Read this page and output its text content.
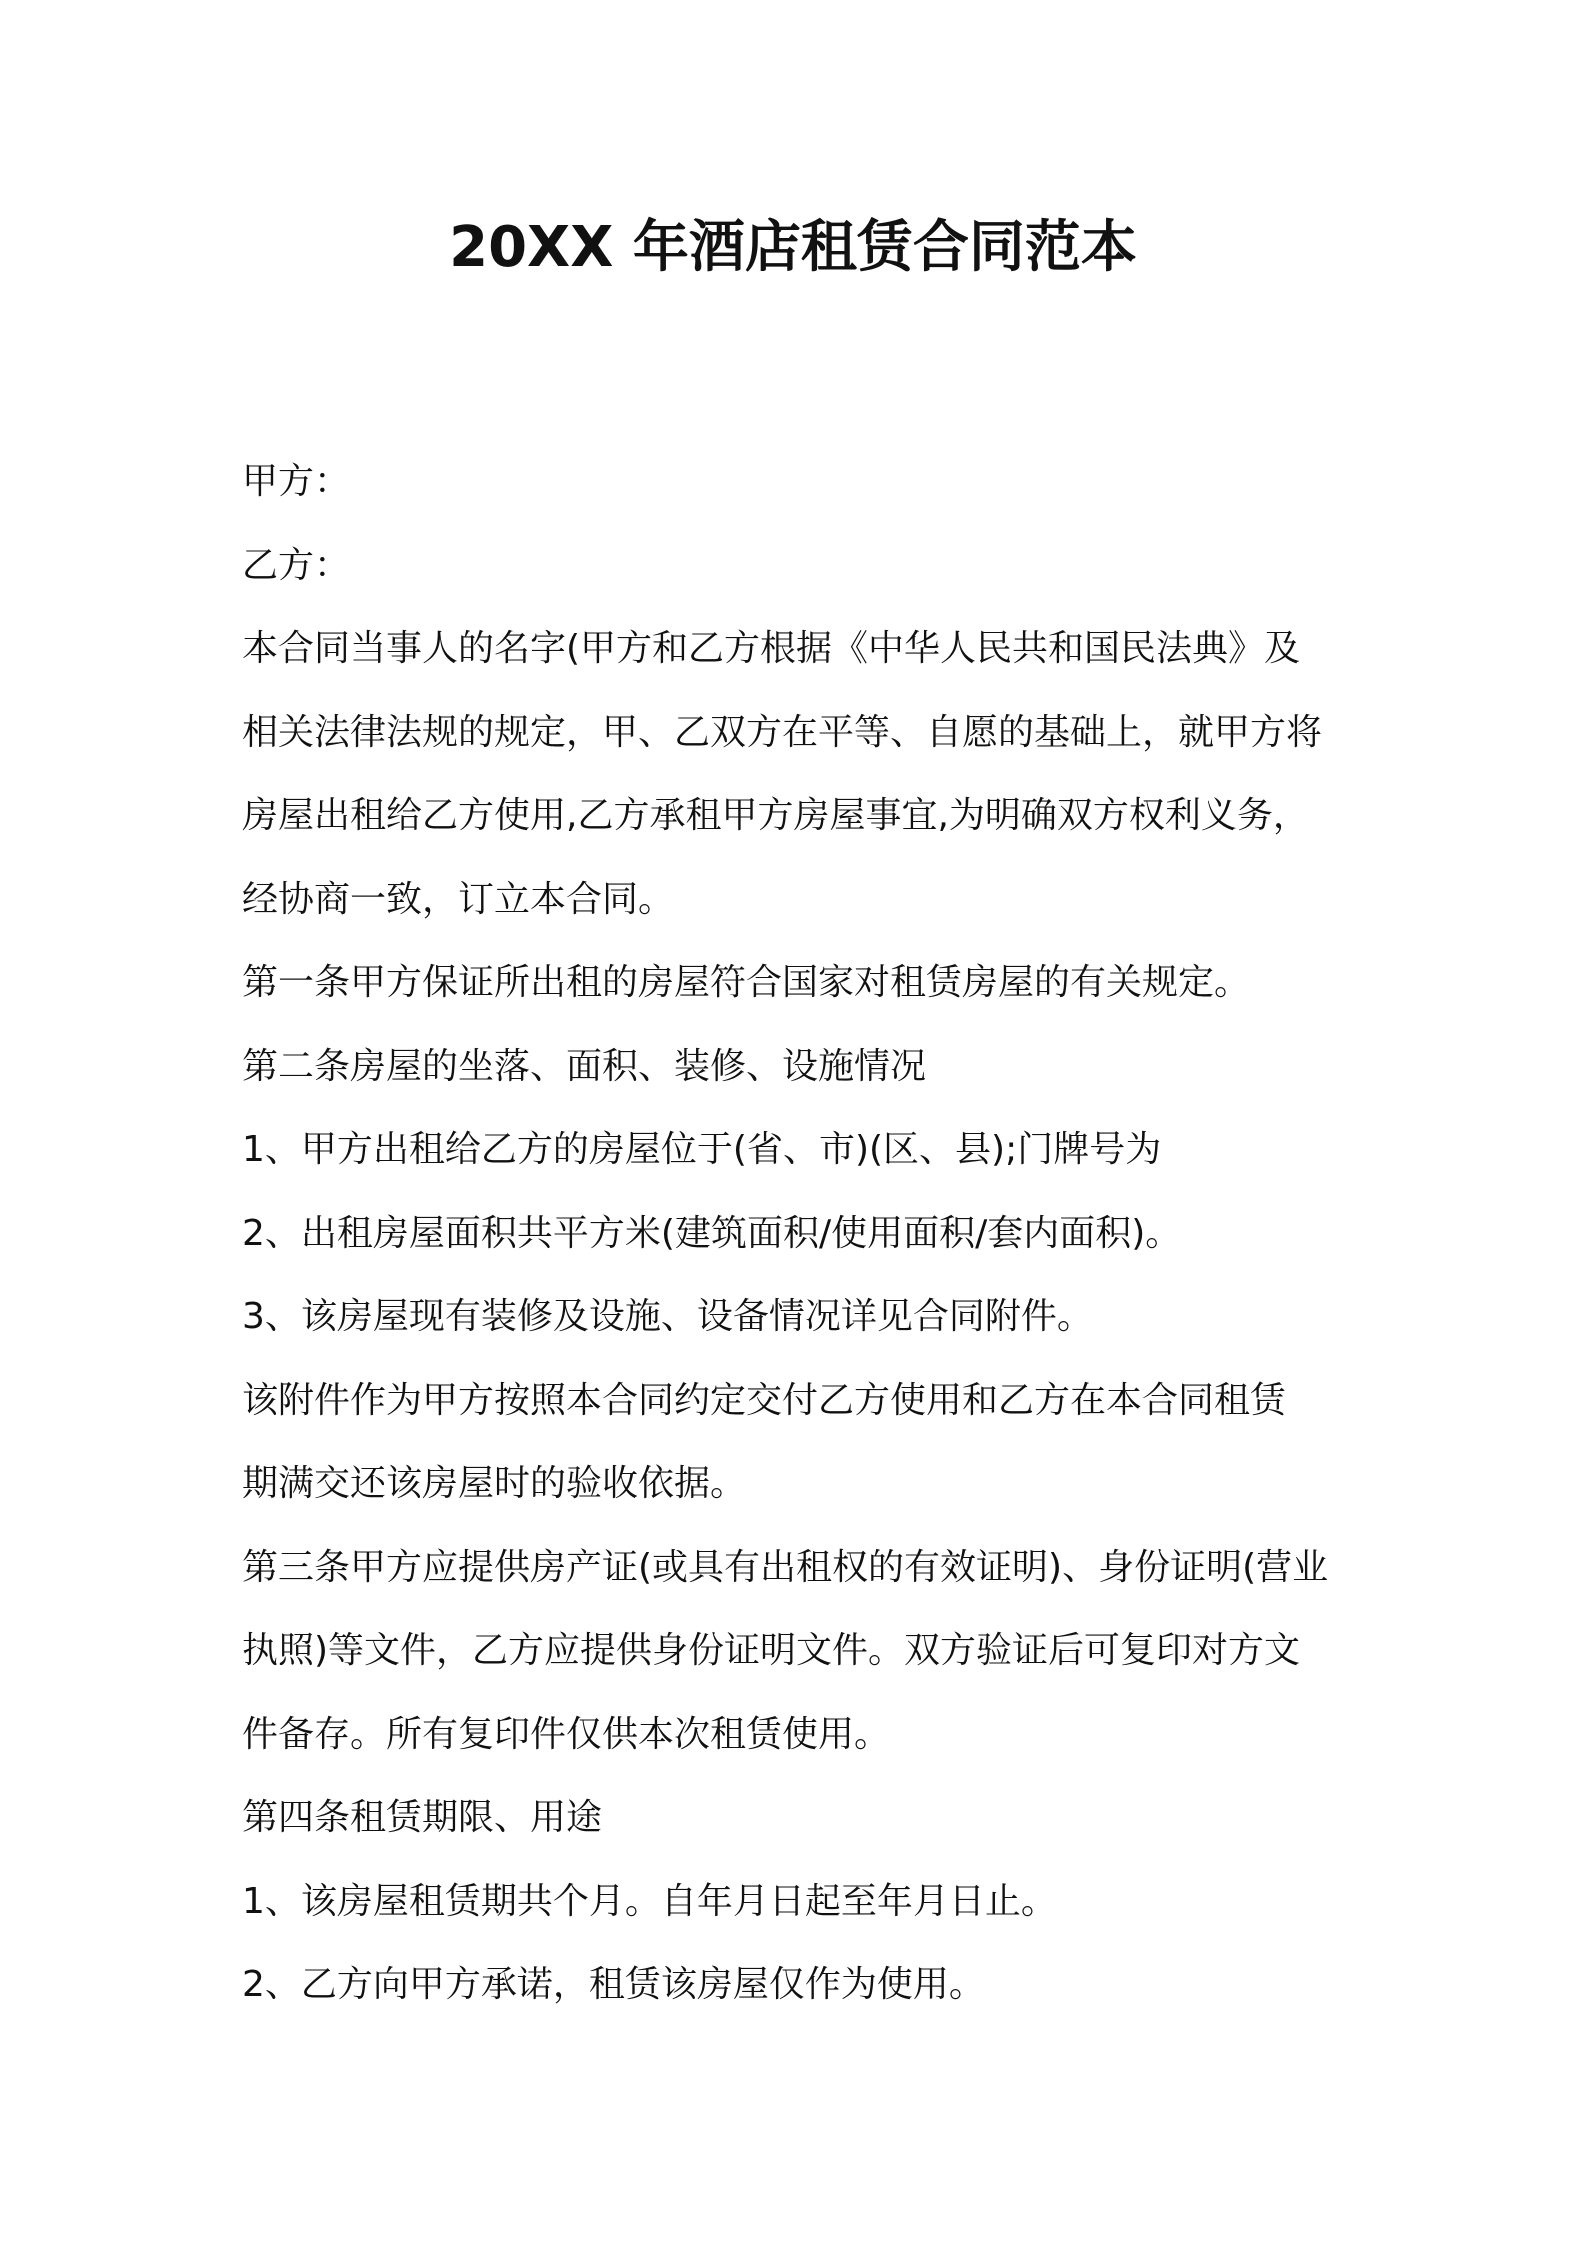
20XX 年酒店租赁合同范本

甲方：

乙方：

本合同当事人的名字(甲方和乙方根据《中华人民共和国民法典》及

相关法律法规的规定，甲、乙双方在平等、自愿的基础上，就甲方将

房屋出租给乙方使用,乙方承租甲方房屋事宜,为明确双方权利义务，

经协商一致，订立本合同。

第一条甲方保证所出租的房屋符合国家对租赁房屋的有关规定。

第二条房屋的坐落、面积、装修、设施情况

1、甲方出租给乙方的房屋位于(省、市)(区、县);门牌号为

2、出租房屋面积共平方米(建筑面积/使用面积/套内面积)。

3、该房屋现有装修及设施、设备情况详见合同附件。

该附件作为甲方按照本合同约定交付乙方使用和乙方在本合同租赁

期满交还该房屋时的验收依据。

第三条甲方应提供房产证(或具有出租权的有效证明)、身份证明(营业

执照)等文件，乙方应提供身份证明文件。双方验证后可复印对方文

件备存。所有复印件仅供本次租赁使用。

第四条租赁期限、用途

1、该房屋租赁期共个月。自年月日起至年月日止。

2、乙方向甲方承诺，租赁该房屋仅作为使用。
